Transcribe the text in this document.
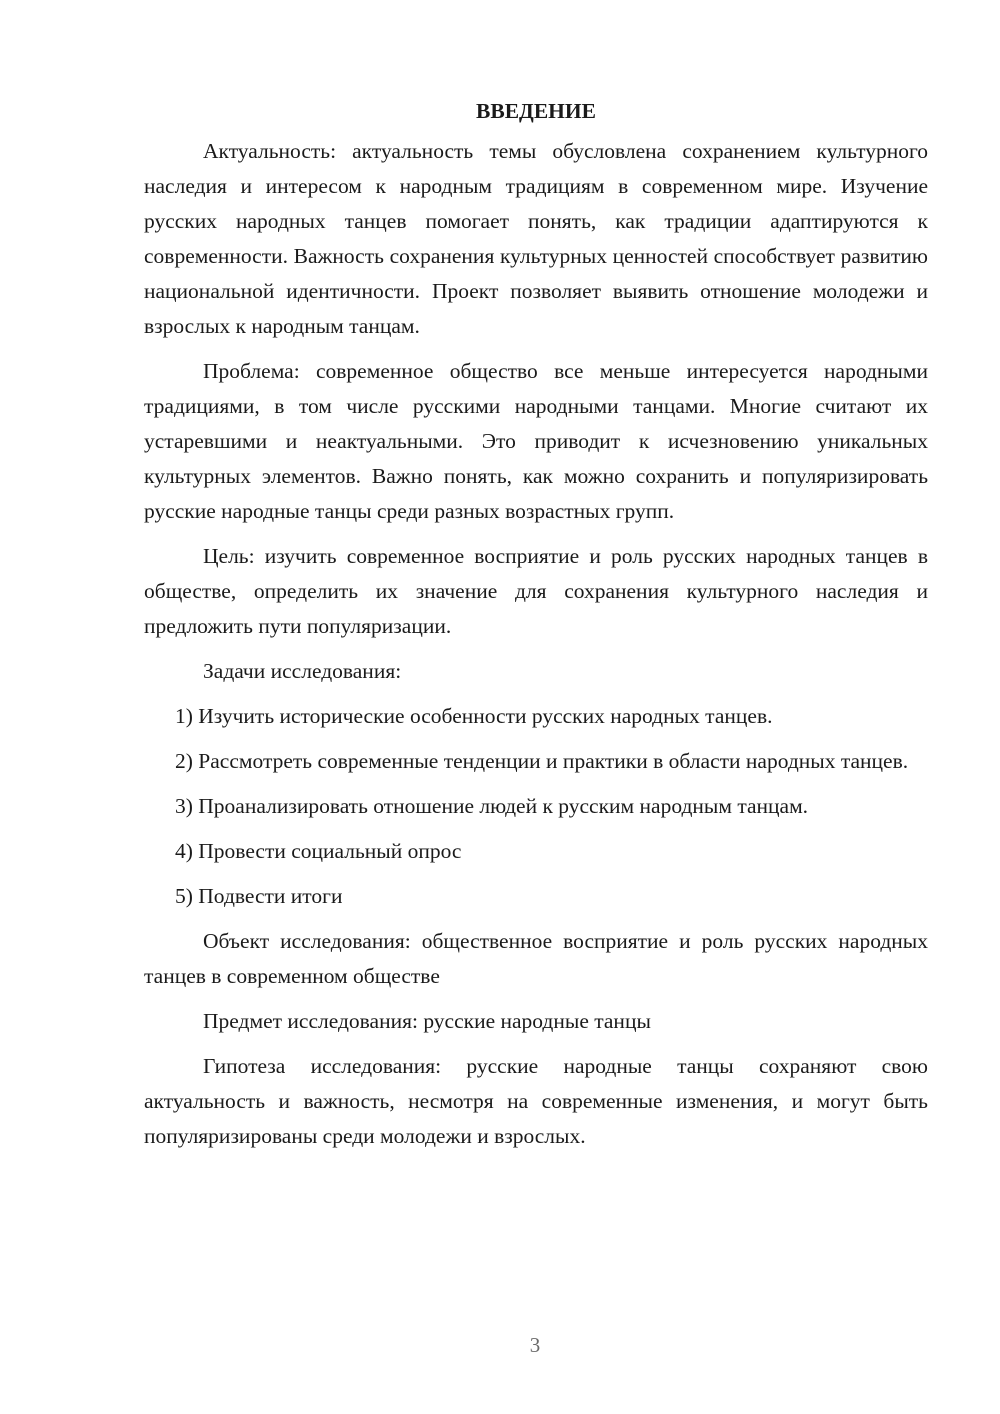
ВВЕДЕНИЕ

Актуальность: актуальность темы обусловлена сохранением культурного наследия и интересом к народным традициям в современном мире. Изучение русских народных танцев помогает понять, как традиции адаптируются к современности. Важность сохранения культурных ценностей способствует развитию национальной идентичности. Проект позволяет выявить отношение молодежи и взрослых к народным танцам.

Проблема: современное общество все меньше интересуется народными традициями, в том числе русскими народными танцами. Многие считают их устаревшими и неактуальными. Это приводит к исчезновению уникальных культурных элементов. Важно понять, как можно сохранить и популяризировать русские народные танцы среди разных возрастных групп.

Цель: изучить современное восприятие и роль русских народных танцев в обществе, определить их значение для сохранения культурного наследия и предложить пути популяризации.

Задачи исследования:

1) Изучить исторические особенности русских народных танцев.

2) Рассмотреть современные тенденции и практики в области народных танцев.

3) Проанализировать отношение людей к русским народным танцам.

4) Провести социальный опрос

5) Подвести итоги

Объект исследования: общественное восприятие и роль русских народных танцев в современном обществе

Предмет исследования: русские народные танцы

Гипотеза исследования: русские народные танцы сохраняют свою актуальность и важность, несмотря на современные изменения, и могут быть популяризированы среди молодежи и взрослых.

3
